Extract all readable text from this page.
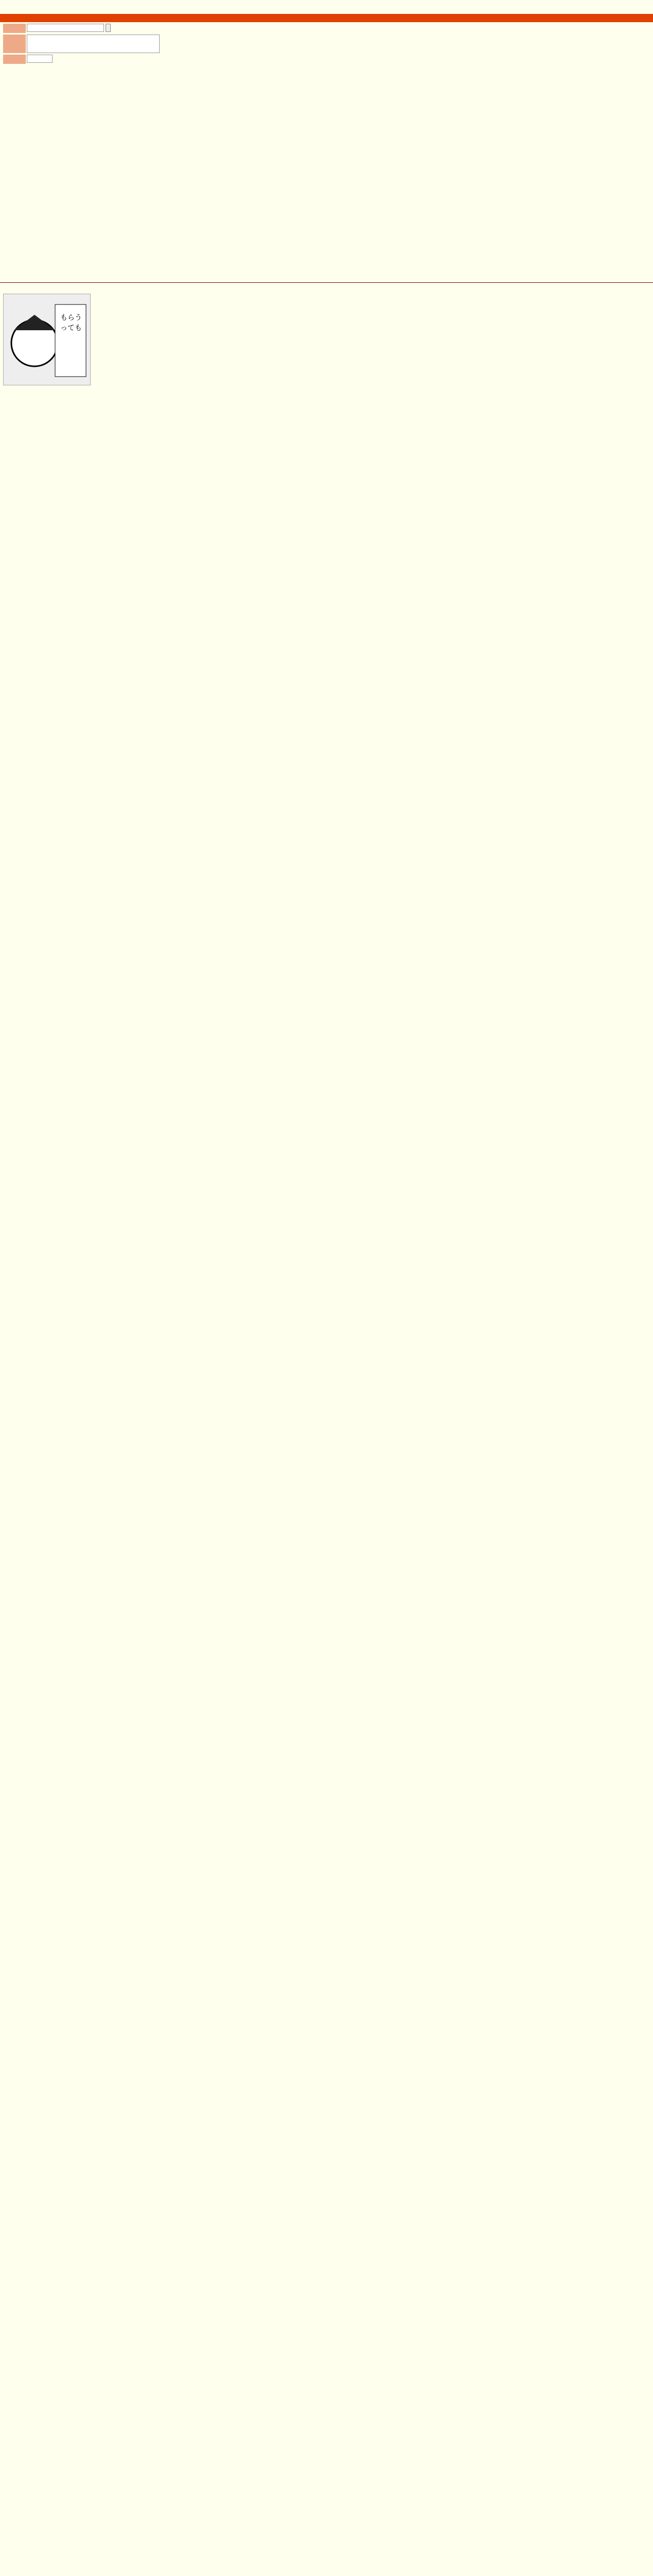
もらう
っても
